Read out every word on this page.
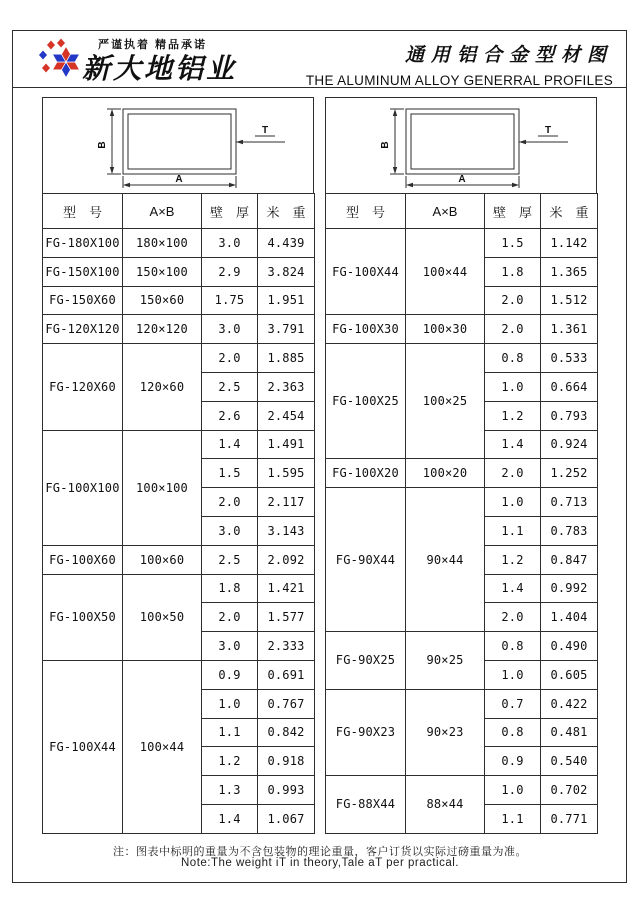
严谨执着 精品承诺
新大地铝业	通用铝合金型材图
THE ALUMINUM ALLOY GENERRAL PROFILES
B
A
T
型　号	A×B	壁　厚	米　重
FG-180X100	180×100	3.0	4.439
FG-150X100	150×100	2.9	3.824
FG-150X60	150×60	1.75	1.951
FG-120X120	120×120	3.0	3.791
FG-120X60	120×60	2.0	1.885
		2.5	2.363
		2.6	2.454
FG-100X100	100×100	1.4	1.491
		1.5	1.595
		2.0	2.117
		3.0	3.143
FG-100X60	100×60	2.5	2.092
FG-100X50	100×50	1.8	1.421
		2.0	1.577
		3.0	2.333
FG-100X44	100×44	0.9	0.691
		1.0	0.767
		1.1	0.842
		1.2	0.918
		1.3	0.993
		1.4	1.067
B
A
T
型　号	A×B	壁　厚	米　重
FG-100X44	100×44	1.5	1.142
		1.8	1.365
		2.0	1.512
FG-100X30	100×30	2.0	1.361
FG-100X25	100×25	0.8	0.533
		1.0	0.664
		1.2	0.793
		1.4	0.924
FG-100X20	100×20	2.0	1.252
FG-90X44	90×44	1.0	0.713
		1.1	0.783
		1.2	0.847
		1.4	0.992
		2.0	1.404
FG-90X25	90×25	0.8	0.490
		1.0	0.605
FG-90X23	90×23	0.7	0.422
		0.8	0.481
		0.9	0.540
FG-88X44	88×44	1.0	0.702
		1.1	0.771
注：图表中标明的重量为不含包装物的理论重量，客户订货以实际过磅重量为准。
Note:The weight iT in theory,Tale aT per practical.
